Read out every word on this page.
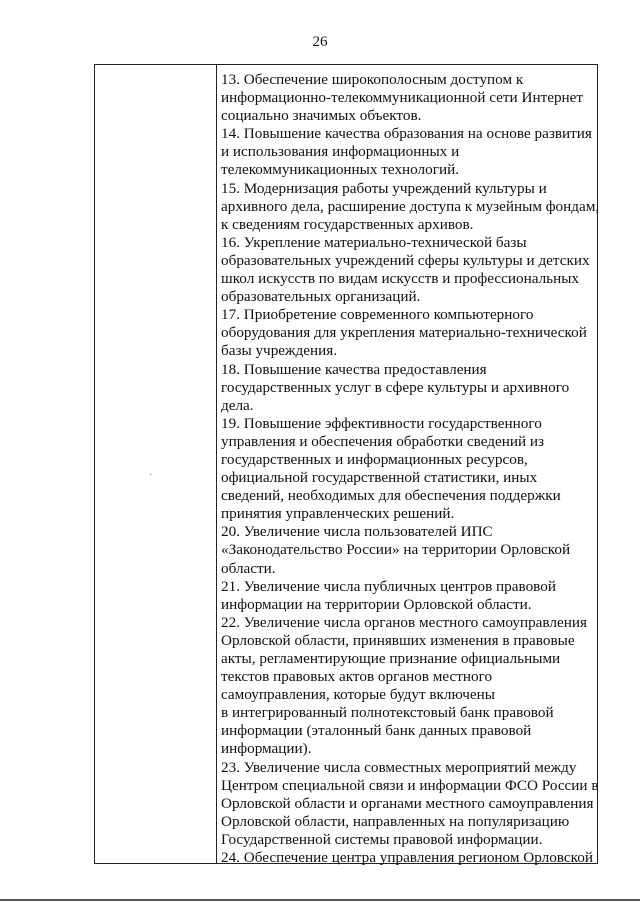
26
·
13. Обеспечение широкополосным доступом к
информационно-телекоммуникационной сети Интернет
социально значимых объектов.
14. Повышение качества образования на основе развития
и использования информационных и
телекоммуникационных технологий.
15. Модернизация работы учреждений культуры и
архивного дела, расширение доступа к музейным фондам,
к сведениям государственных архивов.
16. Укрепление материально-технической базы
образовательных учреждений сферы культуры и детских
школ искусств по видам искусств и профессиональных
образовательных организаций.
17. Приобретение современного компьютерного
оборудования для укрепления материально-технической
базы учреждения.
18. Повышение качества предоставления
государственных услуг в сфере культуры и архивного
дела.
19. Повышение эффективности государственного
управления и обеспечения обработки сведений из
государственных и информационных ресурсов,
официальной государственной статистики, иных
сведений, необходимых для обеспечения поддержки
принятия управленческих решений.
20. Увеличение числа пользователей ИПС
«Законодательство России» на территории Орловской
области.
21. Увеличение числа публичных центров правовой
информации на территории Орловской области.
22. Увеличение числа органов местного самоуправления
Орловской области, принявших изменения в правовые
акты, регламентирующие признание официальными
текстов правовых актов органов местного
самоуправления, которые будут включены
в интегрированный полнотекстовый банк правовой
информации (эталонный банк данных правовой
информации).
23. Увеличение числа совместных мероприятий между
Центром специальной связи и информации ФСО России в
Орловской области и органами местного самоуправления
Орловской области, направленных на популяризацию
Государственной системы правовой информации.
24. Обеспечение центра управления регионом Орловской
